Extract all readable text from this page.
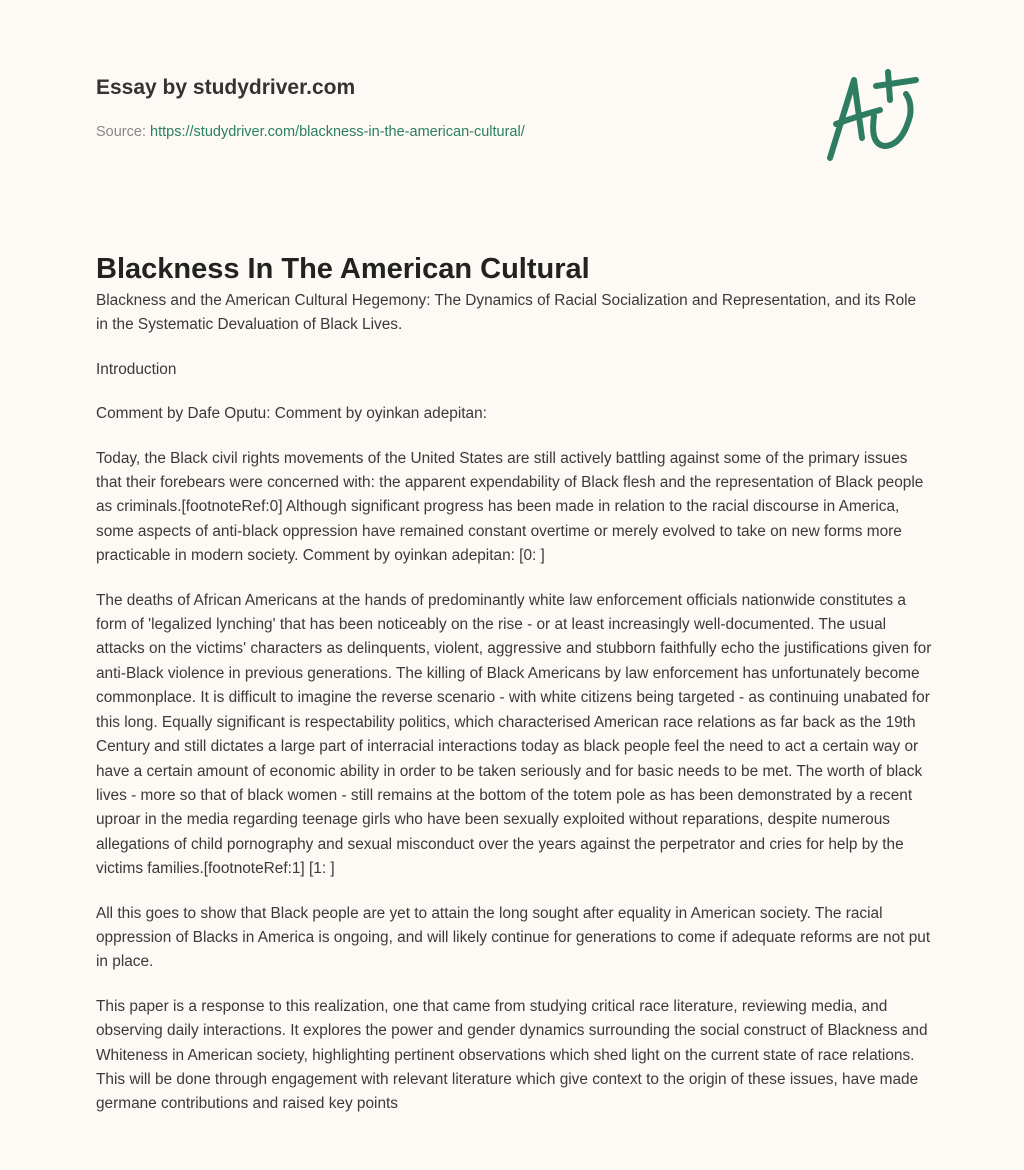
Essay by studydriver.com
Source: https://studydriver.com/blackness-in-the-american-cultural/
Blackness In The American Cultural

Blackness and the American Cultural Hegemony: The Dynamics of Racial Socialization and Representation, and its Role in the Systematic Devaluation of Black Lives.

Introduction

Comment by Dafe Oputu: Comment by oyinkan adepitan:

Today, the Black civil rights movements of the United States are still actively battling against some of the primary issues that their forebears were concerned with: the apparent expendability of Black flesh and the representation of Black people as criminals.[footnoteRef:0] Although significant progress has been made in relation to the racial discourse in America, some aspects of anti-black oppression have remained constant overtime or merely evolved to take on new forms more practicable in modern society. Comment by oyinkan adepitan: [0: ]

The deaths of African Americans at the hands of predominantly white law enforcement officials nationwide constitutes a form of 'legalized lynching' that has been noticeably on the rise - or at least increasingly well-documented. The usual attacks on the victims' characters as delinquents, violent, aggressive and stubborn faithfully echo the justifications given for anti-Black violence in previous generations. The killing of Black Americans by law enforcement has unfortunately become commonplace. It is difficult to imagine the reverse scenario - with white citizens being targeted - as continuing unabated for this long. Equally significant is respectability politics, which characterised American race relations as far back as the 19th Century and still dictates a large part of interracial interactions today as black people feel the need to act a certain way or have a certain amount of economic ability in order to be taken seriously and for basic needs to be met. The worth of black lives - more so that of black women - still remains at the bottom of the totem pole as has been demonstrated by a recent uproar in the media regarding teenage girls who have been sexually exploited without reparations, despite numerous allegations of child pornography and sexual misconduct over the years against the perpetrator and cries for help by the victims families.[footnoteRef:1] [1: ]

All this goes to show that Black people are yet to attain the long sought after equality in American society. The racial oppression of Blacks in America is ongoing, and will likely continue for generations to come if adequate reforms are not put in place.

This paper is a response to this realization, one that came from studying critical race literature, reviewing media, and observing daily interactions. It explores the power and gender dynamics surrounding the social construct of Blackness and Whiteness in American society, highlighting pertinent observations which shed light on the current state of race relations. This will be done through engagement with relevant literature which give context to the origin of these issues, have made germane contributions and raised key points
